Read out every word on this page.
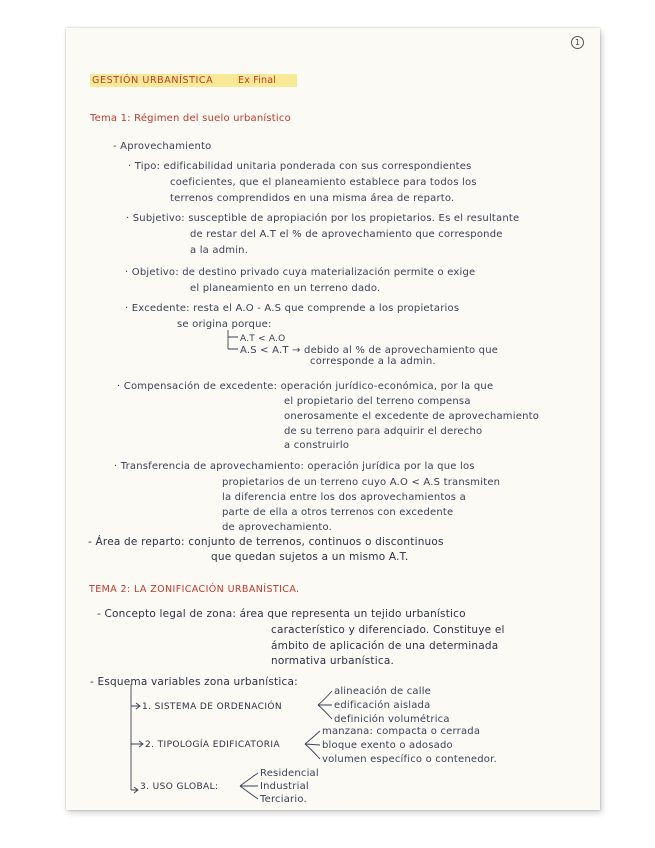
1
GESTIÓN URBANÍSTICA	Ex Final
Tema 1: Régimen del suelo urbanístico
- Aprovechamiento
· Tipo: edificabilidad unitaria ponderada con sus correspondientes
coeficientes, que el planeamiento establece para todos los
terrenos comprendidos en una misma área de reparto.
· Subjetivo: susceptible de apropiación por los propietarios. Es el resultante
de restar del A.T el % de aprovechamiento que corresponde
a la admin.
· Objetivo: de destino privado cuya materialización permite o exige
el planeamiento en un terreno dado.
· Excedente: resta el A.O - A.S que comprende a los propietarios
se origina porque:
A.T < A.O
A.S < A.T → debido al % de aprovechamiento que
corresponde a la admin.
· Compensación de excedente: operación jurídico-económica, por la que
el propietario del terreno compensa
onerosamente el excedente de aprovechamiento
de su terreno para adquirir el derecho
a construirlo
· Transferencia de aprovechamiento: operación jurídica por la que los
propietarios de un terreno cuyo A.O < A.S transmiten
la diferencia entre los dos aprovechamientos a
parte de ella a otros terrenos con excedente
de aprovechamiento.
- Área de reparto: conjunto de terrenos, continuos o discontinuos
que quedan sujetos a un mismo A.T.
TEMA 2: LA ZONIFICACIÓN URBANÍSTICA.
- Concepto legal de zona: área que representa un tejido urbanístico
característico y diferenciado. Constituye el
ámbito de aplicación de una determinada
normativa urbanística.
- Esquema variables zona urbanística:
1. SISTEMA DE ORDENACIÓN
alineación de calle
edificación aislada
definición volumétrica
2. TIPOLOGÍA EDIFICATORIA
manzana: compacta o cerrada
bloque exento o adosado
volumen específico o contenedor.
3. USO GLOBAL:
Residencial
Industrial
Terciario.
